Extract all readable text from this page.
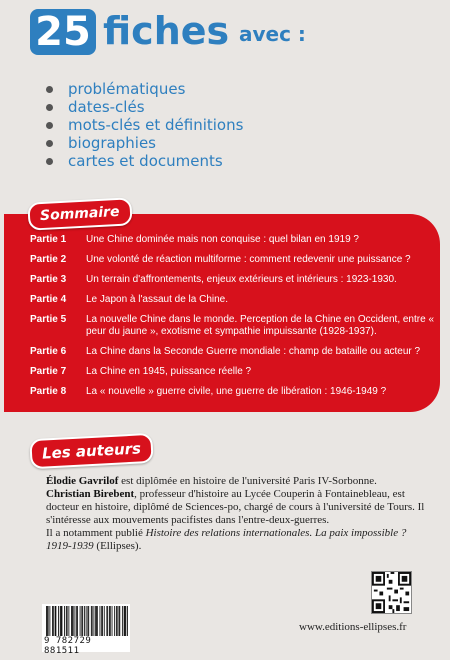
25 fiches avec :
problématiques
dates-clés
mots-clés et définitions
biographies
cartes et documents
Sommaire
Partie 1	Une Chine dominée mais non conquise : quel bilan en 1919 ?
Partie 2	Une volonté de réaction multiforme : comment redevenir une puissance ?
Partie 3	Un terrain d'affrontements, enjeux extérieurs et intérieurs : 1923-1930.
Partie 4	Le Japon à l'assaut de la Chine.
Partie 5	La nouvelle Chine dans le monde. Perception de la Chine en Occident, entre « peur du jaune », exotisme et sympathie impuissante (1928-1937).
Partie 6	La Chine dans la Seconde Guerre mondiale : champ de bataille ou acteur ?
Partie 7	La Chine en 1945, puissance réelle ?
Partie 8	La « nouvelle » guerre civile, une guerre de libération : 1946-1949 ?
Les auteurs

Élodie Gavrilof est diplômée en histoire de l'université Paris IV-Sorbonne.

Christian Birebent, professeur d'histoire au Lycée Couperin à Fontainebleau, est docteur en histoire, diplômé de Sciences-po, chargé de cours à l'université de Tours. Il s'intéresse aux mouvements pacifistes dans l'entre-deux-guerres.

Il a notamment publié Histoire des relations internationales. La paix impossible ? 1919-1939 (Ellipses).

9 782729 881511
www.editions-ellipses.fr
